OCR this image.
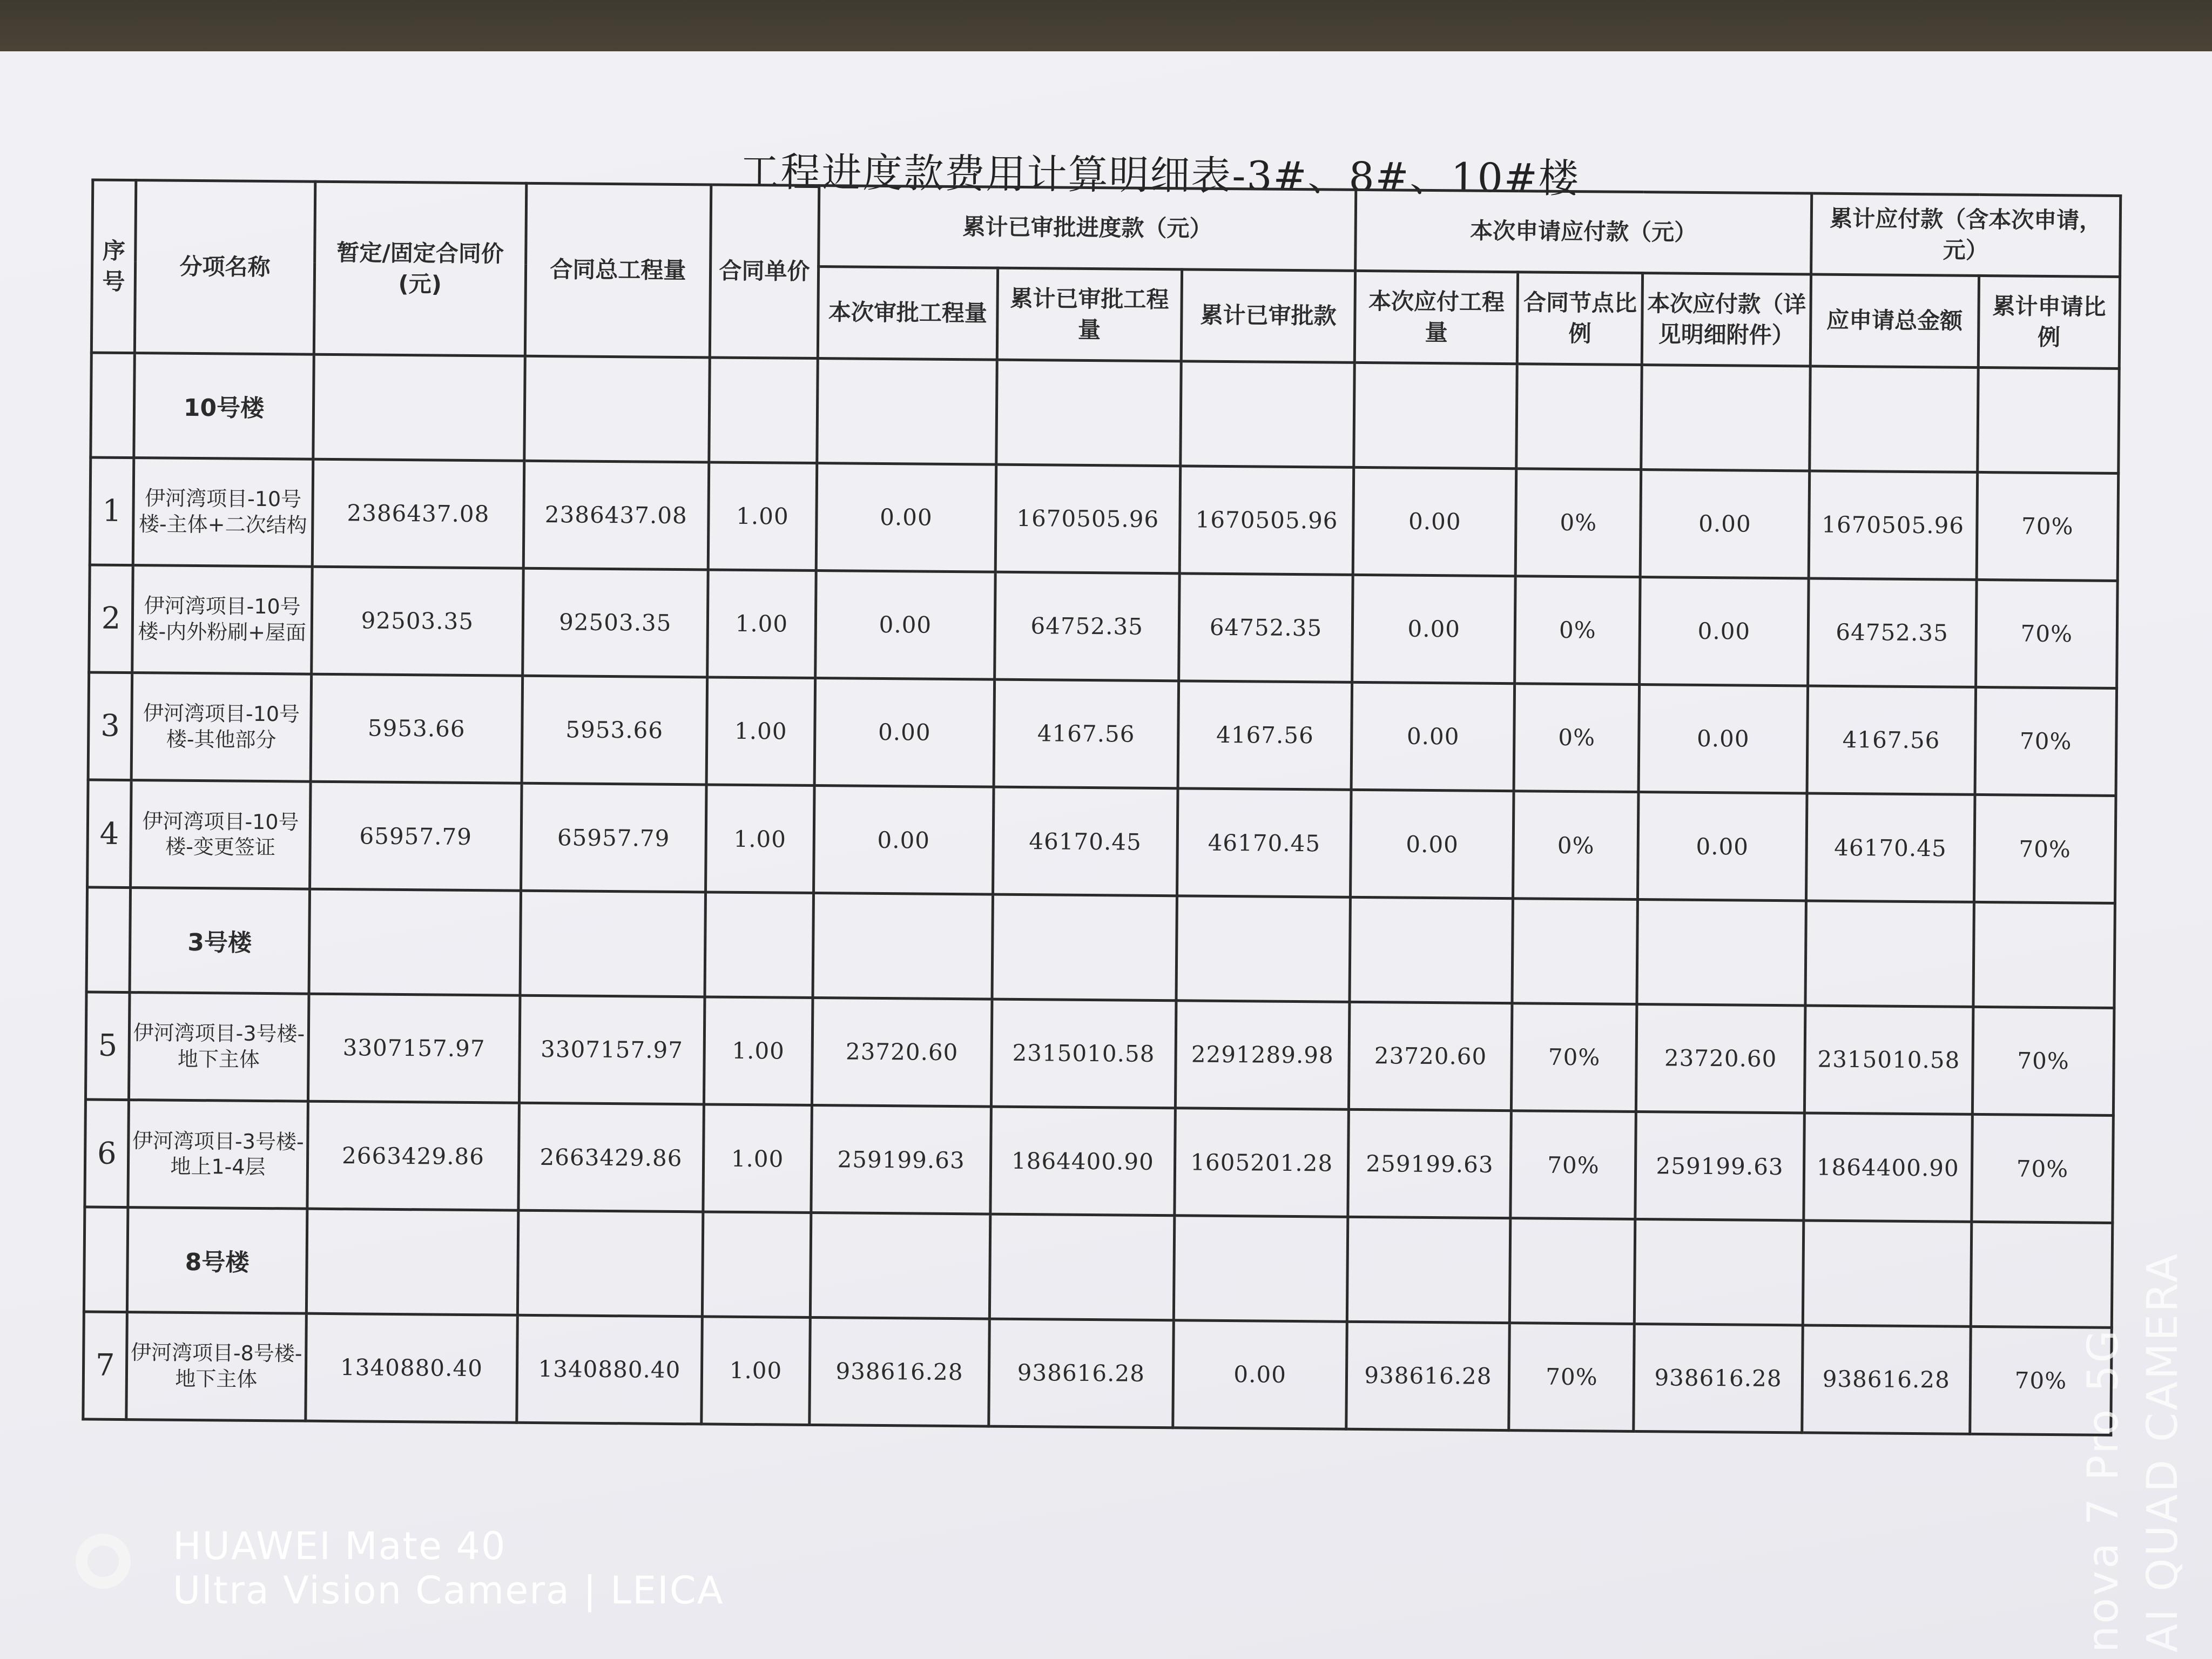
工程进度款费用计算明细表-3#、8#、10#楼
序号	分项名称	暂定/固定合同价(元)	合同总工程量	合同单价	累计已审批进度款（元）			本次申请应付款（元）			累计应付款（含本次申请，元）	
					本次审批工程量	累计已审批工程量	累计已审批款	本次应付工程量	合同节点比例	本次应付款（详见明细附件）	应申请总金额	累计申请比例
	10号楼											
1	伊河湾项目-10号楼-主体+二次结构	2386437.08	2386437.08	1.00	0.00	1670505.96	1670505.96	0.00	0%	0.00	1670505.96	70%
2	伊河湾项目-10号楼-内外粉刷+屋面	92503.35	92503.35	1.00	0.00	64752.35	64752.35	0.00	0%	0.00	64752.35	70%
3	伊河湾项目-10号楼-其他部分	5953.66	5953.66	1.00	0.00	4167.56	4167.56	0.00	0%	0.00	4167.56	70%
4	伊河湾项目-10号楼-变更签证	65957.79	65957.79	1.00	0.00	46170.45	46170.45	0.00	0%	0.00	46170.45	70%
	3号楼											
5	伊河湾项目-3号楼-地下主体	3307157.97	3307157.97	1.00	23720.60	2315010.58	2291289.98	23720.60	70%	23720.60	2315010.58	70%
6	伊河湾项目-3号楼-地上1-4层	2663429.86	2663429.86	1.00	259199.63	1864400.90	1605201.28	259199.63	70%	259199.63	1864400.90	70%
	8号楼											
7	伊河湾项目-8号楼-地下主体	1340880.40	1340880.40	1.00	938616.28	938616.28	0.00	938616.28	70%	938616.28	938616.28	70%
HUAWEI Mate 40
Ultra Vision Camera | LEICA	nova 7 Pro 5G AI QUAD CAMERA
